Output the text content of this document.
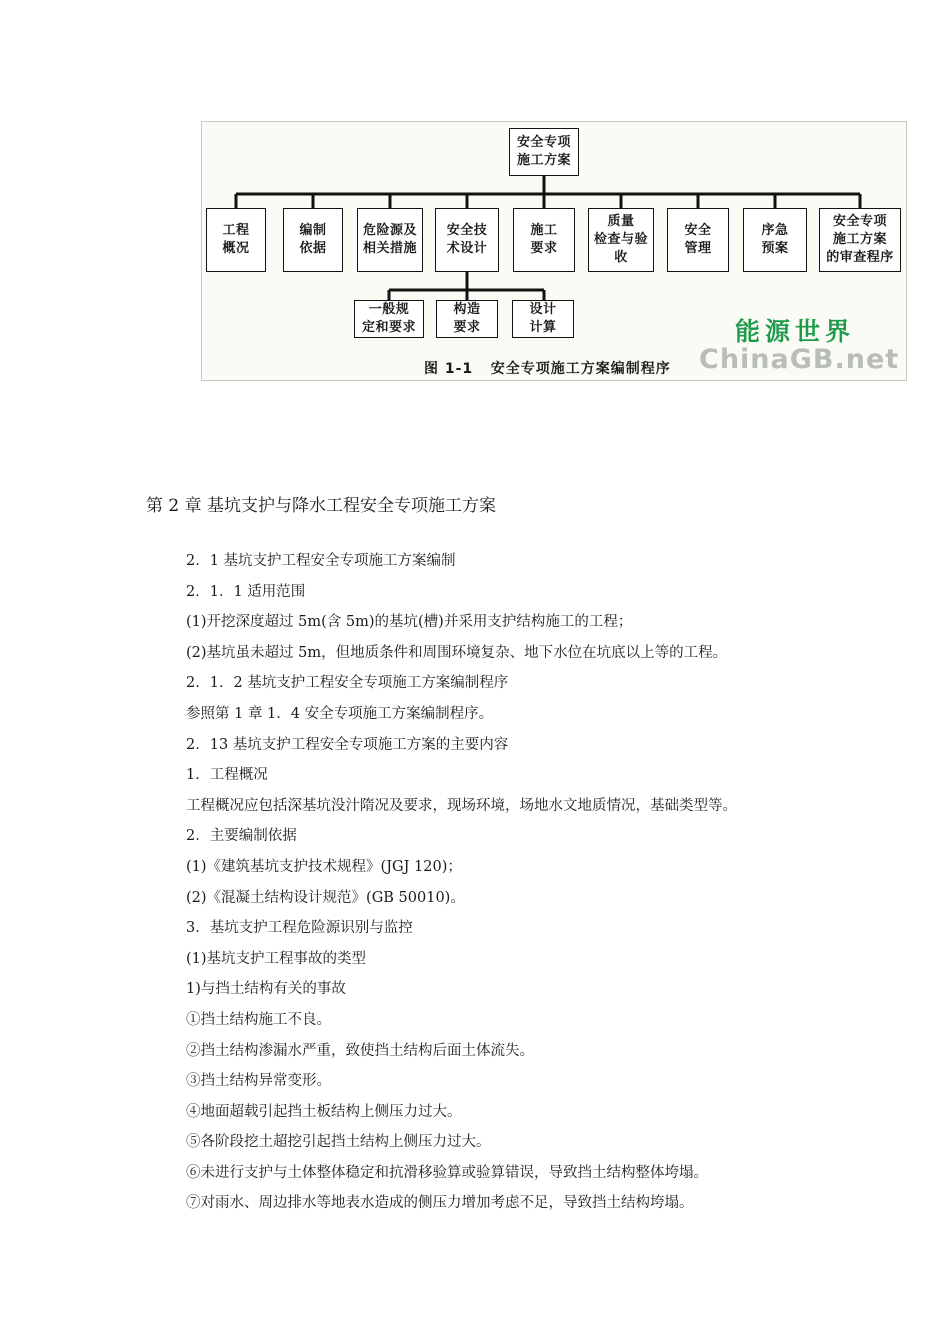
安全专项
施工方案
工程
概况
编制
依据
危险源及
相关措施
安全技
术设计
施工
要求
质量
检查与验
收
安全
管理
序急
预案
安全专项
施工方案
的审查程序
一般规
定和要求
构造
要求
设计
计算
图 1-1   安全专项施工方案编制程序
能源世界
ChinaGB.net
第 2 章 基坑支护与降水工程安全专项施工方案
2．1 基坑支护工程安全专项施工方案编制
2．1．1 适用范围
(1)开挖深度超过 5m(含 5m)的基坑(槽)并采用支护结构施工的工程；
(2)基坑虽未超过 5m，但地质条件和周围环境复杂、地下水位在坑底以上等的工程。
2．1．2 基坑支护工程安全专项施工方案编制程序
参照第 1 章 1．4 安全专项施工方案编制程序。
2．13 基坑支护工程安全专项施工方案的主要内容
1．工程概况
工程概况应包括深基坑没汁隋况及要求，现场环境，场地水文地质情况，基础类型等。
2．主要编制依据
(1)《建筑基坑支护技术规程》(JGJ 120)；
(2)《混凝土结构设计规范》(GB 50010)。
3．基坑支护工程危险源识别与监控
(1)基坑支护工程事故的类型
1)与挡土结构有关的事故
①挡土结构施工不良。
②挡土结构渗漏水严重，致使挡土结构后面土体流失。
③挡土结构异常变形。
④地面超载引起挡土板结构上侧压力过大。
⑤各阶段挖土超挖引起挡土结构上侧压力过大。
⑥未进行支护与土体整体稳定和抗滑移验算或验算错误，导致挡土结构整体垮塌。
⑦对雨水、周边排水等地表水造成的侧压力增加考虑不足，导致挡土结构垮塌。
